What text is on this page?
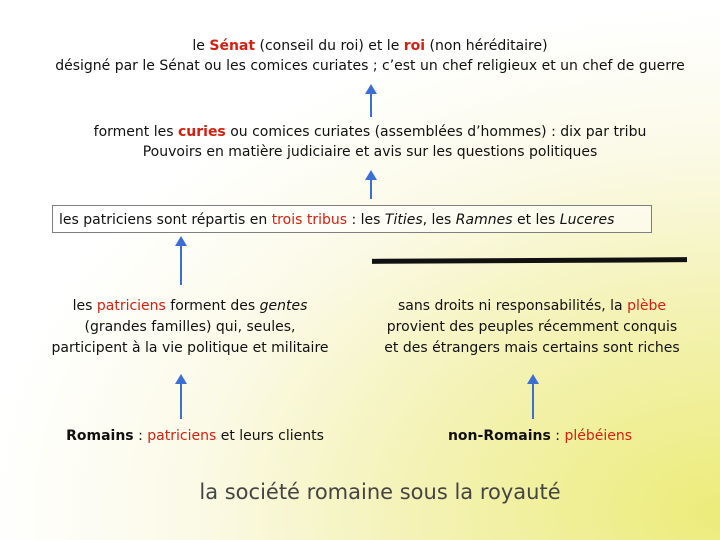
le Sénat (conseil du roi) et le roi (non héréditaire)
désigné par le Sénat ou les comices curiates ; c’est un chef religieux et un chef de guerre
forment les curies ou comices curiates (assemblées d’hommes) : dix par tribu
Pouvoirs en matière judiciaire et avis sur les questions politiques
les patriciens sont répartis en trois tribus : les Tities, les Ramnes et les Luceres
les patriciens forment des gentes
(grandes familles) qui, seules,
participent à la vie politique et militaire
sans droits ni responsabilités, la plèbe
provient des peuples récemment conquis
et des étrangers mais certains sont riches
Romains : patriciens et leurs clients	non-Romains : plébéiens
la société romaine sous la royauté
